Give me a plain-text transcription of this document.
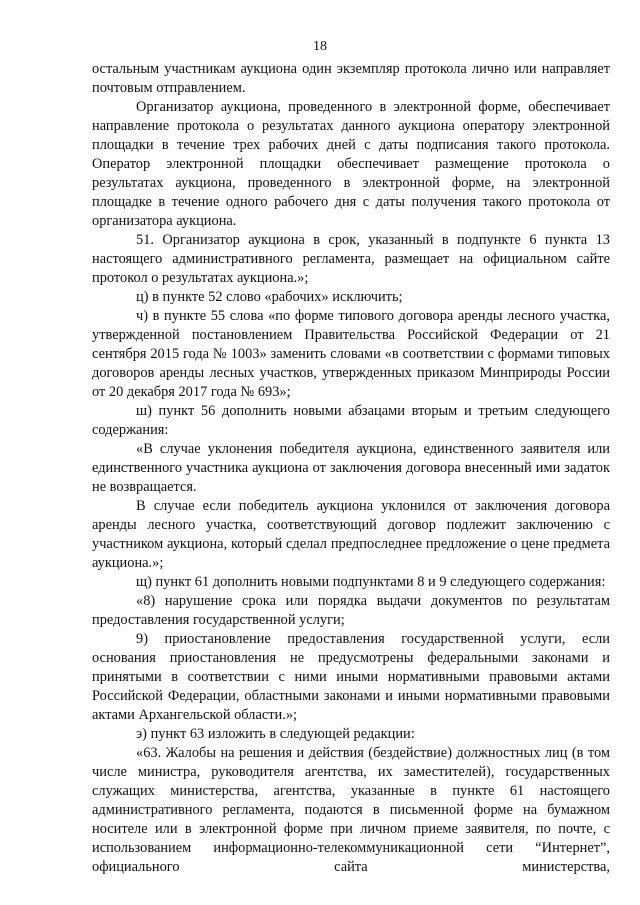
18

остальным участникам аукциона один экземпляр протокола лично или направляет почтовым отправлением.

Организатор аукциона, проведенного в электронной форме, обеспечивает направление протокола о результатах данного аукциона оператору электронной площадки в течение трех рабочих дней с даты подписания такого протокола. Оператор электронной площадки обеспечивает размещение протокола о результатах аукциона, проведенного в электронной форме, на электронной площадке в течение одного рабочего дня с даты получения такого протокола от организатора аукциона.

51. Организатор аукциона в срок, указанный в подпункте 6 пункта 13 настоящего административного регламента, размещает на официальном сайте протокол о результатах аукциона.»;

ц) в пункте 52 слово «рабочих» исключить;

ч) в пункте 55 слова «по форме типового договора аренды лесного участка, утвержденной постановлением Правительства Российской Федерации от 21 сентября 2015 года № 1003» заменить словами «в соответствии с формами типовых договоров аренды лесных участков, утвержденных приказом Минприроды России от 20 декабря 2017 года № 693»;

ш) пункт 56 дополнить новыми абзацами вторым и третьим следующего содержания:

«В случае уклонения победителя аукциона, единственного заявителя или единственного участника аукциона от заключения договора внесенный ими задаток не возвращается.

В случае если победитель аукциона уклонился от заключения договора аренды лесного участка, соответствующий договор подлежит заключению с участником аукциона, который сделал предпоследнее предложение о цене предмета аукциона.»;

щ) пункт 61 дополнить новыми подпунктами 8 и 9 следующего содержания:

«8) нарушение срока или порядка выдачи документов по результатам предоставления государственной услуги;

9) приостановление предоставления государственной услуги, если основания приостановления не предусмотрены федеральными законами и принятыми в соответствии с ними иными нормативными правовыми актами Российской Федерации, областными законами и иными нормативными правовыми актами Архангельской области.»;

э) пункт 63 изложить в следующей редакции:

«63. Жалобы на решения и действия (бездействие) должностных лиц (в том числе министра, руководителя агентства, их заместителей), государственных служащих министерства, агентства, указанные в пункте 61 настоящего административного регламента, подаются в письменной форме на бумажном носителе или в электронной форме при личном приеме заявителя, по почте, с использованием информационно-телекоммуникационной сети “Интернет”, официального сайта министерства,
